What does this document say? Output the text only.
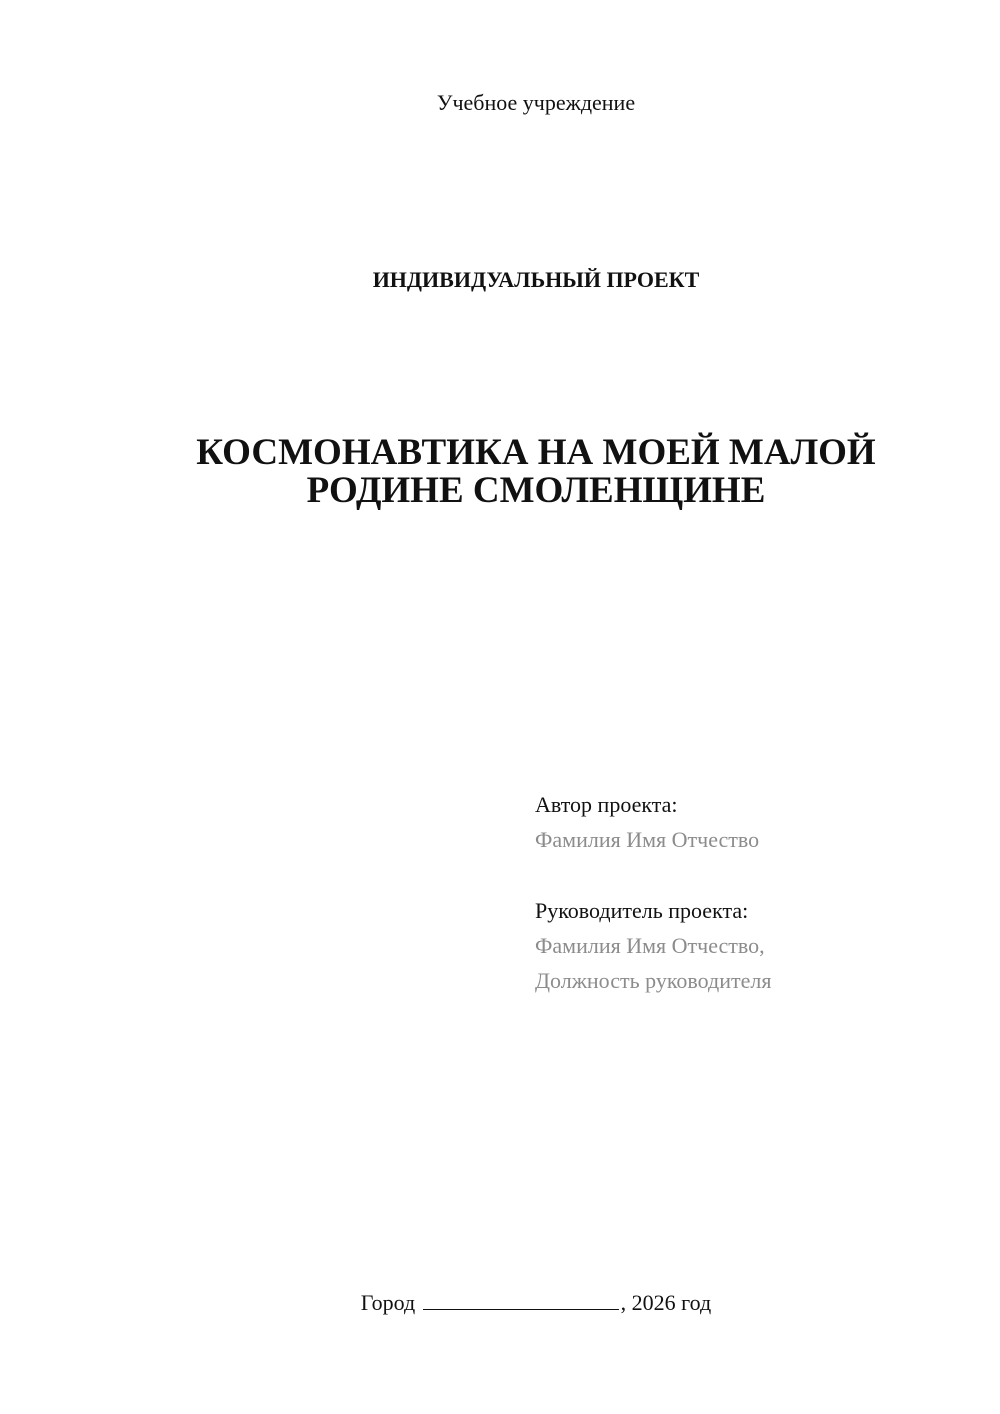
Учебное учреждение
ИНДИВИДУАЛЬНЫЙ ПРОЕКТ
КОСМОНАВТИКА НА МОЕЙ МАЛОЙ
РОДИНЕ СМОЛЕНЩИНЕ
Автор проекта:
Фамилия Имя Отчество
Руководитель проекта:
Фамилия Имя Отчество,
Должность руководителя
Город	, 2026 год
